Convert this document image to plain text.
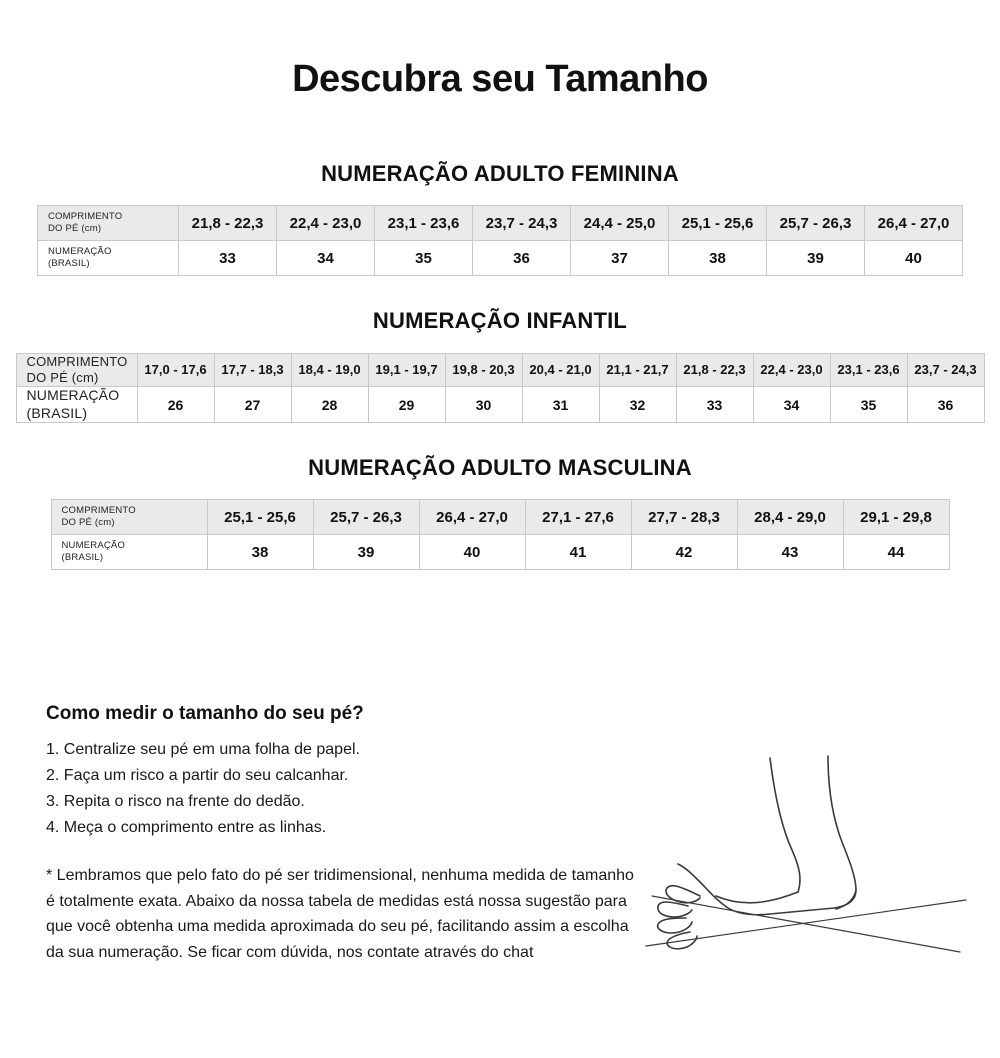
Descubra seu Tamanho
NUMERAÇÃO ADULTO FEMININA
COMPRIMENTO
DO PÉ (cm)	21,8 - 22,3	22,4 - 23,0	23,1 - 23,6	23,7 - 24,3	24,4 - 25,0	25,1 - 25,6	25,7 - 26,3	26,4 - 27,0

NUMERAÇÃO
(BRASIL)	33	34	35	36	37	38	39	40
NUMERAÇÃO INFANTIL
COMPRIMENTO
DO PÉ (cm)	17,0 - 17,6	17,7 - 18,3	18,4 - 19,0	19,1 - 19,7	19,8 - 20,3	20,4 - 21,0	21,1 - 21,7	21,8 - 22,3	22,4 - 23,0	23,1 - 23,6	23,7 - 24,3

NUMERAÇÃO
(BRASIL)	26	27	28	29	30	31	32	33	34	35	36
NUMERAÇÃO ADULTO MASCULINA
COMPRIMENTO
DO PÉ (cm)	25,1 - 25,6	25,7 - 26,3	26,4 - 27,0	27,1 - 27,6	27,7 - 28,3	28,4 - 29,0	29,1 - 29,8

NUMERAÇÃO
(BRASIL)	38	39	40	41	42	43	44
Como medir o tamanho do seu pé?
1. Centralize seu pé em uma folha de papel.
2. Faça um risco a partir do seu calcanhar.
3. Repita o risco na frente do dedão.
4. Meça o comprimento entre as linhas.
* Lembramos que pelo fato do pé ser tridimensional, nenhuma medida de tamanho é totalmente exata. Abaixo da nossa tabela de medidas está nossa sugestão para que você obtenha uma medida aproximada do seu pé, facilitando assim a escolha da sua numeração. Se ficar com dúvida, nos contate através do chat
